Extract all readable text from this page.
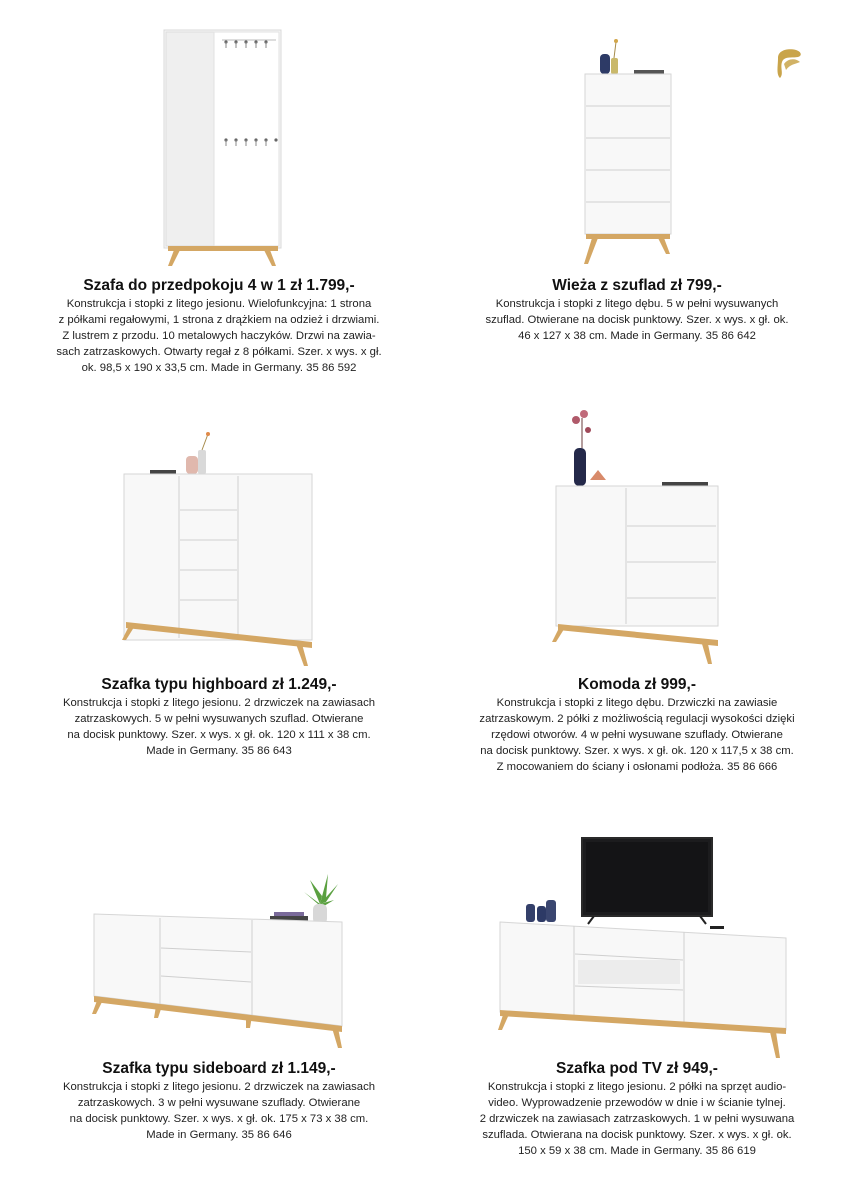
Szafa do przedpokoju 4 w 1 zł 1.799,-
Konstrukcja i stopki z litego jesionu. Wielofunkcyjna: 1 strona
z półkami regałowymi, 1 strona z drążkiem na odzież i drzwiami.
Z lustrem z przodu. 10 metalowych haczyków. Drzwi na zawia-
sach zatrzaskowych. Otwarty regał z 8 półkami. Szer. x wys. x gł.
ok. 98,5 x 190 x 33,5 cm. Made in Germany. 35 86 592
Wieża z szuflad zł 799,-
Konstrukcja i stopki z litego dębu. 5 w pełni wysuwanych
szuflad. Otwierane na docisk punktowy. Szer. x wys. x gł. ok.
46 x 127 x 38 cm. Made in Germany. 35 86 642
Szafka typu highboard zł 1.249,-
Konstrukcja i stopki z litego jesionu. 2 drzwiczek na zawiasach
zatrzaskowych. 5 w pełni wysuwanych szuflad. Otwierane
na docisk punktowy. Szer. x wys. x gł. ok. 120 x 111 x 38 cm.
Made in Germany. 35 86 643
Komoda zł 999,-
Konstrukcja i stopki z litego dębu. Drzwiczki na zawiasie
zatrzaskowym. 2 półki z możliwością regulacji wysokości dzięki
rzędowi otworów. 4 w pełni wysuwane szuflady. Otwierane
na docisk punktowy. Szer. x wys. x gł. ok. 120 x 117,5 x 38 cm.
Z mocowaniem do ściany i osłonami podłoża. 35 86 666
Szafka typu sideboard zł 1.149,-
Konstrukcja i stopki z litego jesionu. 2 drzwiczek na zawiasach
zatrzaskowych. 3 w pełni wysuwane szuflady. Otwierane
na docisk punktowy. Szer. x wys. x gł. ok. 175 x 73 x 38 cm.
Made in Germany. 35 86 646
Szafka pod TV zł 949,-
Konstrukcja i stopki z litego jesionu. 2 półki na sprzęt audio-
video. Wyprowadzenie przewodów w dnie i w ścianie tylnej.
2 drzwiczek na zawiasach zatrzaskowych. 1 w pełni wysuwana
szuflada. Otwierana na docisk punktowy. Szer. x wys. x gł. ok.
150 x 59 x 38 cm. Made in Germany. 35 86 619
